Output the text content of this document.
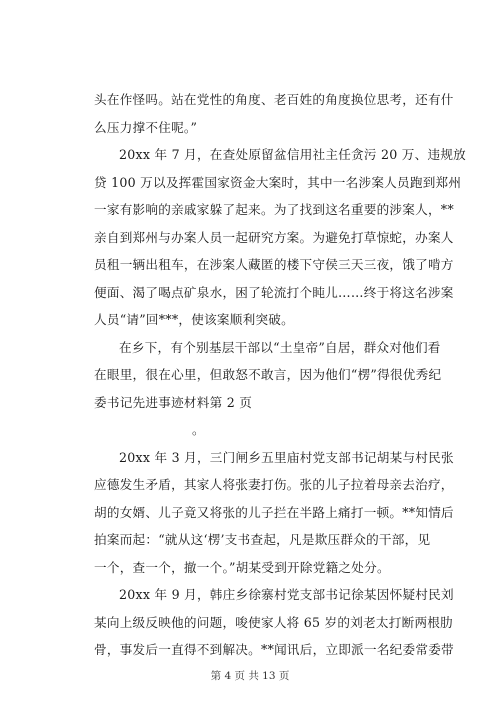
头在作怪吗。站在党性的角度、老百姓的角度换位思考，还有什
么压力撑不住呢。”
20xx 年 7 月，在查处原留盆信用社主任贪污 20 万、违规放
贷 100 万以及挥霍国家资金大案时，其中一名涉案人员跑到郑州
一家有影响的亲戚家躲了起来。为了找到这名重要的涉案人，**
亲自到郑州与办案人员一起研究方案。为避免打草惊蛇，办案人
员租一辆出租车，在涉案人藏匿的楼下守侯三天三夜，饿了啃方
便面、渴了喝点矿泉水，困了轮流打个盹儿……终于将这名涉案
人员“请”回***，使该案顺利突破。
在乡下，有个别基层干部以“土皇帝”自居，群众对他们看
在眼里，很在心里，但敢怒不敢言，因为他们“楞”得很优秀纪
委书记先进事迹材料第 2 页
。
20xx 年 3 月，三门闸乡五里庙村党支部书记胡某与村民张
应德发生矛盾，其家人将张妻打伤。张的儿子拉着母亲去治疗，
胡的女婿、儿子竟又将张的儿子拦在半路上痛打一顿。**知情后
拍案而起：“就从这‘楞’支书查起，凡是欺压群众的干部，见
一个，查一个，撤一个。”胡某受到开除党籍之处分。
20xx 年 9 月，韩庄乡徐寨村党支部书记徐某因怀疑村民刘
某向上级反映他的问题，唆使家人将 65 岁的刘老太打断两根肋
骨，事发后一直得不到解决。**闻讯后，立即派一名纪委常委带
第 4 页 共 13 页
